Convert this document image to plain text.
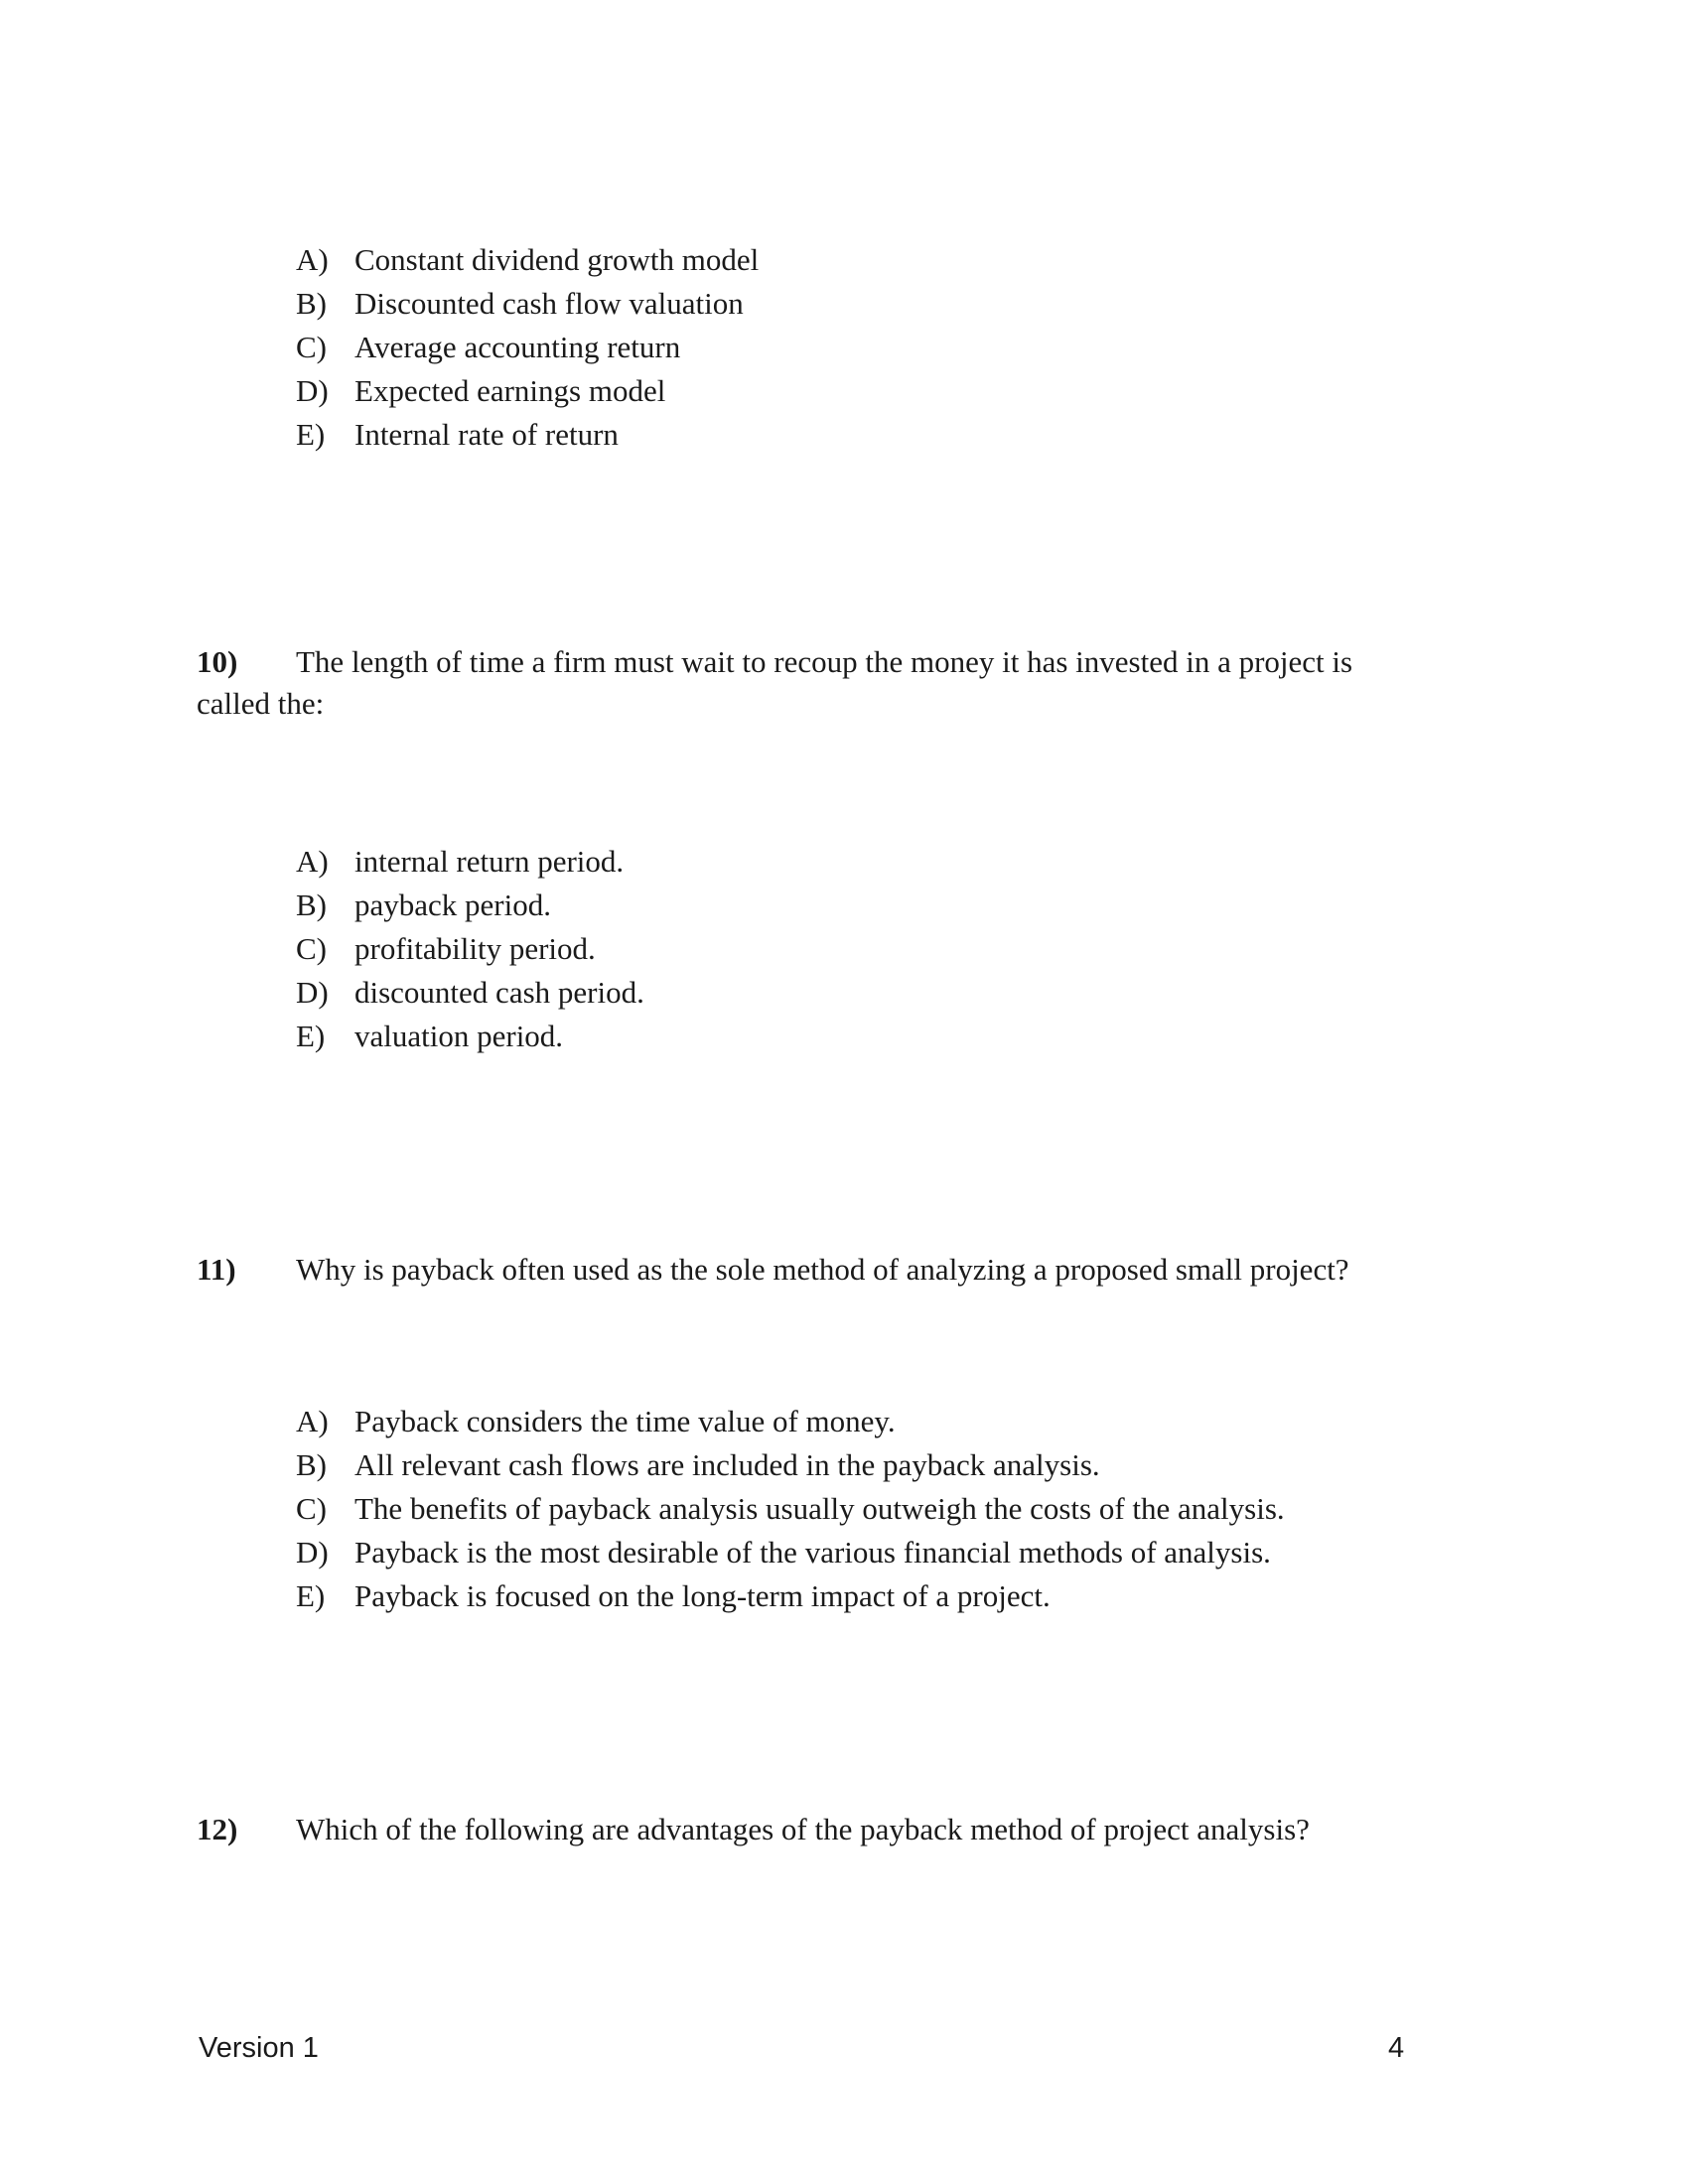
A) Constant dividend growth model
B) Discounted cash flow valuation
C) Average accounting return
D) Expected earnings model
E) Internal rate of return
10)	The length of time a firm must wait to recoup the money it has invested in a project is
called the:
A) internal return period.
B) payback period.
C) profitability period.
D) discounted cash period.
E) valuation period.
11)	Why is payback often used as the sole method of analyzing a proposed small project?
A) Payback considers the time value of money.
B) All relevant cash flows are included in the payback analysis.
C) The benefits of payback analysis usually outweigh the costs of the analysis.
D) Payback is the most desirable of the various financial methods of analysis.
E) Payback is focused on the long-term impact of a project.
12)	Which of the following are advantages of the payback method of project analysis?
Version 1	4
